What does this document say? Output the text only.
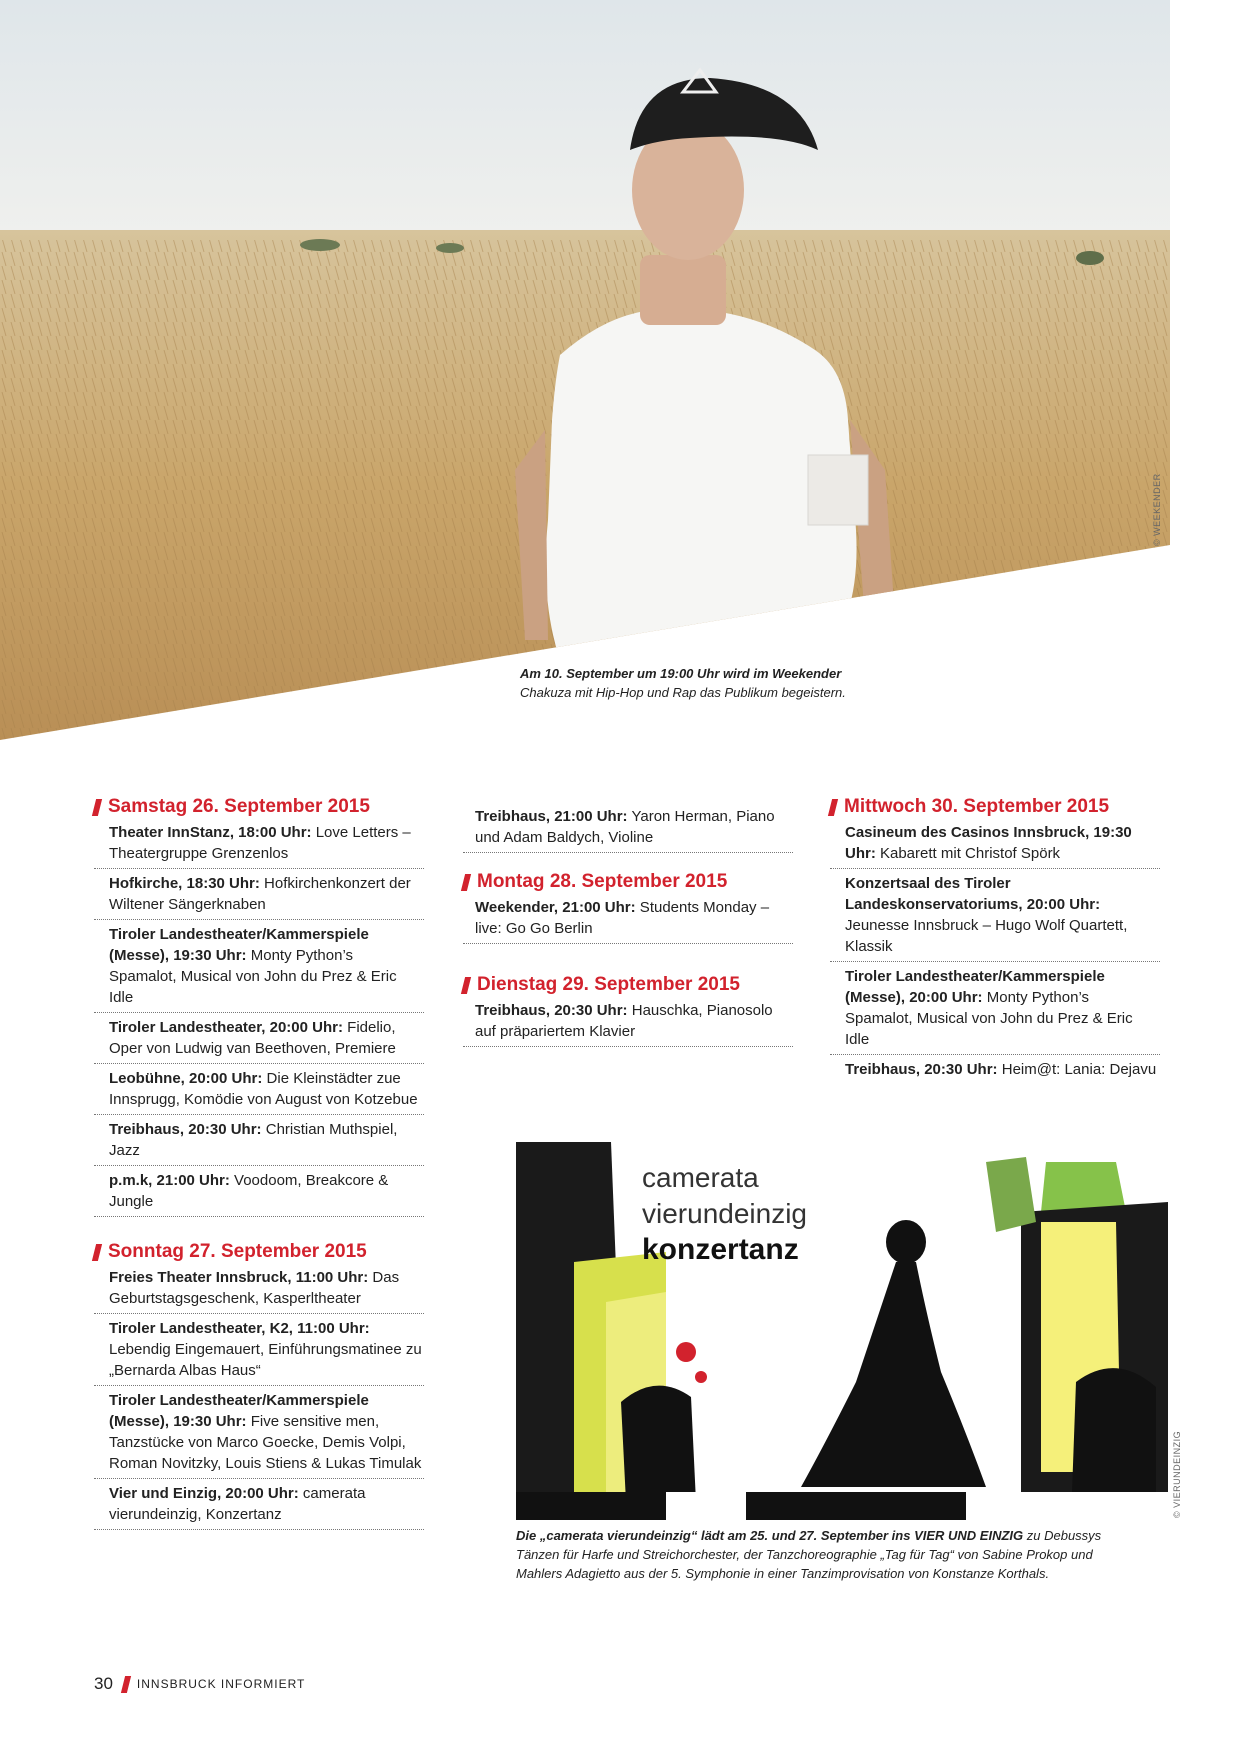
© WEEKENDER
Am 10. September um 19:00 Uhr wird im Weekender
Chakuza mit Hip-Hop und Rap das Publikum begeistern.
Samstag 26. September 2015
Theater InnStanz, 18:00 Uhr: Love Letters – Theatergruppe Grenzenlos
Hofkirche, 18:30 Uhr: Hofkirchenkonzert der Wiltener Sängerknaben
Tiroler Landestheater/Kammerspiele (Messe), 19:30 Uhr: Monty Python’s Spamalot, Musical von John du Prez & Eric Idle
Tiroler Landestheater, 20:00 Uhr: Fidelio, Oper von Ludwig van Beethoven, Premiere
Leobühne, 20:00 Uhr: Die Kleinstädter zue Innsprugg, Komödie von August von Kotzebue
Treibhaus, 20:30 Uhr: Christian Muthspiel, Jazz
p.m.k, 21:00 Uhr: Voodoom, Breakcore & Jungle
Sonntag 27. September 2015
Freies Theater Innsbruck, 11:00 Uhr: Das Geburtstagsgeschenk, Kasperltheater
Tiroler Landestheater, K2, 11:00 Uhr: Lebendig Eingemauert, Einführungsmatinee zu „Bernarda Albas Haus“
Tiroler Landestheater/Kammerspiele (Messe), 19:30 Uhr: Five sensitive men, Tanzstücke von Marco Goecke, Demis Volpi, Roman Novitzky, Louis Stiens & Lukas Timulak
Vier und Einzig, 20:00 Uhr: camerata vierundeinzig, Konzertanz
Treibhaus, 21:00 Uhr: Yaron Herman, Piano und Adam Baldych, Violine
Montag 28. September 2015
Weekender, 21:00 Uhr: Students Monday – live: Go Go Berlin
Dienstag 29. September 2015
Treibhaus, 20:30 Uhr: Hauschka, Pianosolo auf präpariertem Klavier
Mittwoch 30. September 2015
Casineum des Casinos Innsbruck, 19:30 Uhr: Kabarett mit Christof Spörk
Konzertsaal des Tiroler Landeskonservatoriums, 20:00 Uhr: Jeunesse Innsbruck – Hugo Wolf Quartett, Klassik
Tiroler Landestheater/Kammerspiele (Messe), 20:00 Uhr: Monty Python’s Spamalot, Musical von John du Prez & Eric Idle
Treibhaus, 20:30 Uhr: Heim@t: Lania: Dejavu
camerata
vierundeinzig
konzertanz
© VIERUNDEINZIG
Die „camerata vierundeinzig“ lädt am 25. und 27. September ins VIER UND EINZIG zu Debussys Tänzen für Harfe und Streichorchester, der Tanzchoreographie „Tag für Tag“ von Sabine Prokop und Mahlers Adagietto aus der 5. Symphonie in einer Tanzimprovisation von Konstanze Korthals.
30 INNSBRUCK INFORMIERT
